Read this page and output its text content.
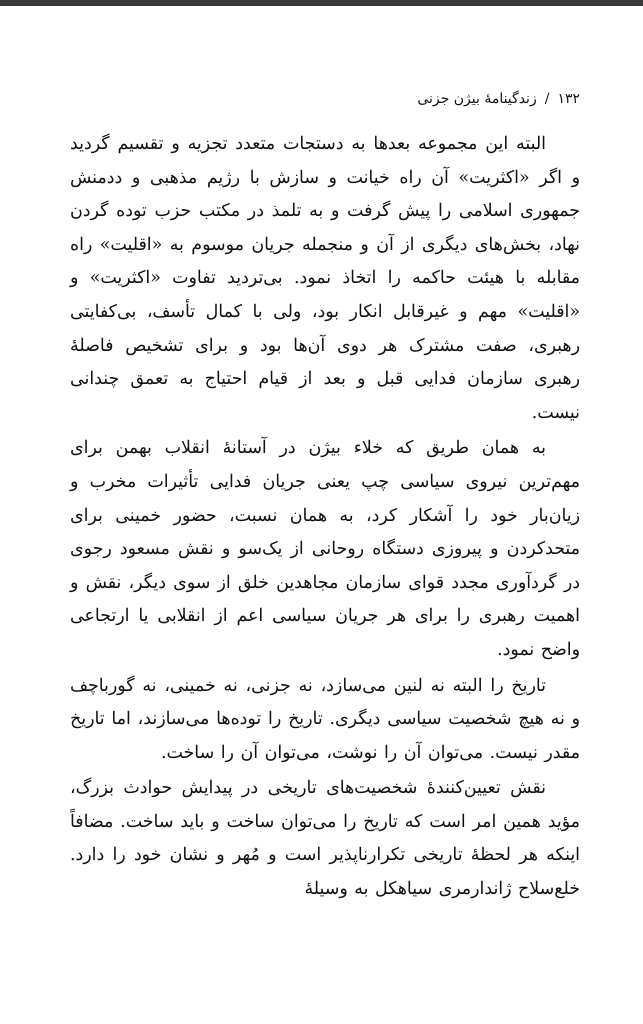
۱۳۲/زندگینامهٔ بیژن جزنی

البته این مجموعه بعدها به دستجات متعدد تجزیه و تقسیم گردید و اگر «اکثریت» آن راه خیانت و سازش با رژیم مذهبی و ددمنش جمهوری اسلامی را پیش گرفت و به تلمذ در مکتب حزب توده گردن نهاد، بخش‌های دیگری از آن و منجمله جریان موسوم به «اقلیت» راه مقابله با هیئت حاکمه را اتخاذ نمود. بی‌تردید تفاوت «اکثریت» و «اقلیت» مهم و غیرقابل انکار بود، ولی با کمال تأسف، بی‌کفایتی رهبری، صفت مشترک هر دوی آن‌ها بود و برای تشخیص فاصلهٔ رهبری سازمان فدایی قبل و بعد از قیام احتیاج به تعمق چندانی نیست.

به همان طریق که خلاء بیژن در آستانهٔ انقلاب بهمن برای مهم‌ترین نیروی سیاسی چپ یعنی جریان فدایی تأثیرات مخرب و زیان‌بار خود را آشکار کرد، به همان نسبت، حضور خمینی برای متحدکردن و پیروزی دستگاه روحانی از یک‌سو و نقش مسعود رجوی در گردآوری مجدد قوای سازمان مجاهدین خلق از سوی دیگر، نقش و اهمیت رهبری را برای هر جریان سیاسی اعم از انقلابی یا ارتجاعی واضح نمود.

تاریخ را البته نه لنین می‌سازد، نه جزنی، نه خمینی، نه گورباچف و نه هیچ شخصیت سیاسی دیگری. تاریخ را توده‌ها می‌سازند، اما تاریخ مقدر نیست. می‌توان آن را نوشت، می‌توان آن را ساخت.

نقش تعیین‌کنندهٔ شخصیت‌های تاریخی در پیدایش حوادث بزرگ، مؤید همین امر است که تاریخ را می‌توان ساخت و باید ساخت. مضافاً اینکه هر لحظهٔ تاریخی تکرارناپذیر است و مُهر و نشان خود را دارد. خلع‌سلاح ژاندارمری سیاهکل به وسیلهٔ
